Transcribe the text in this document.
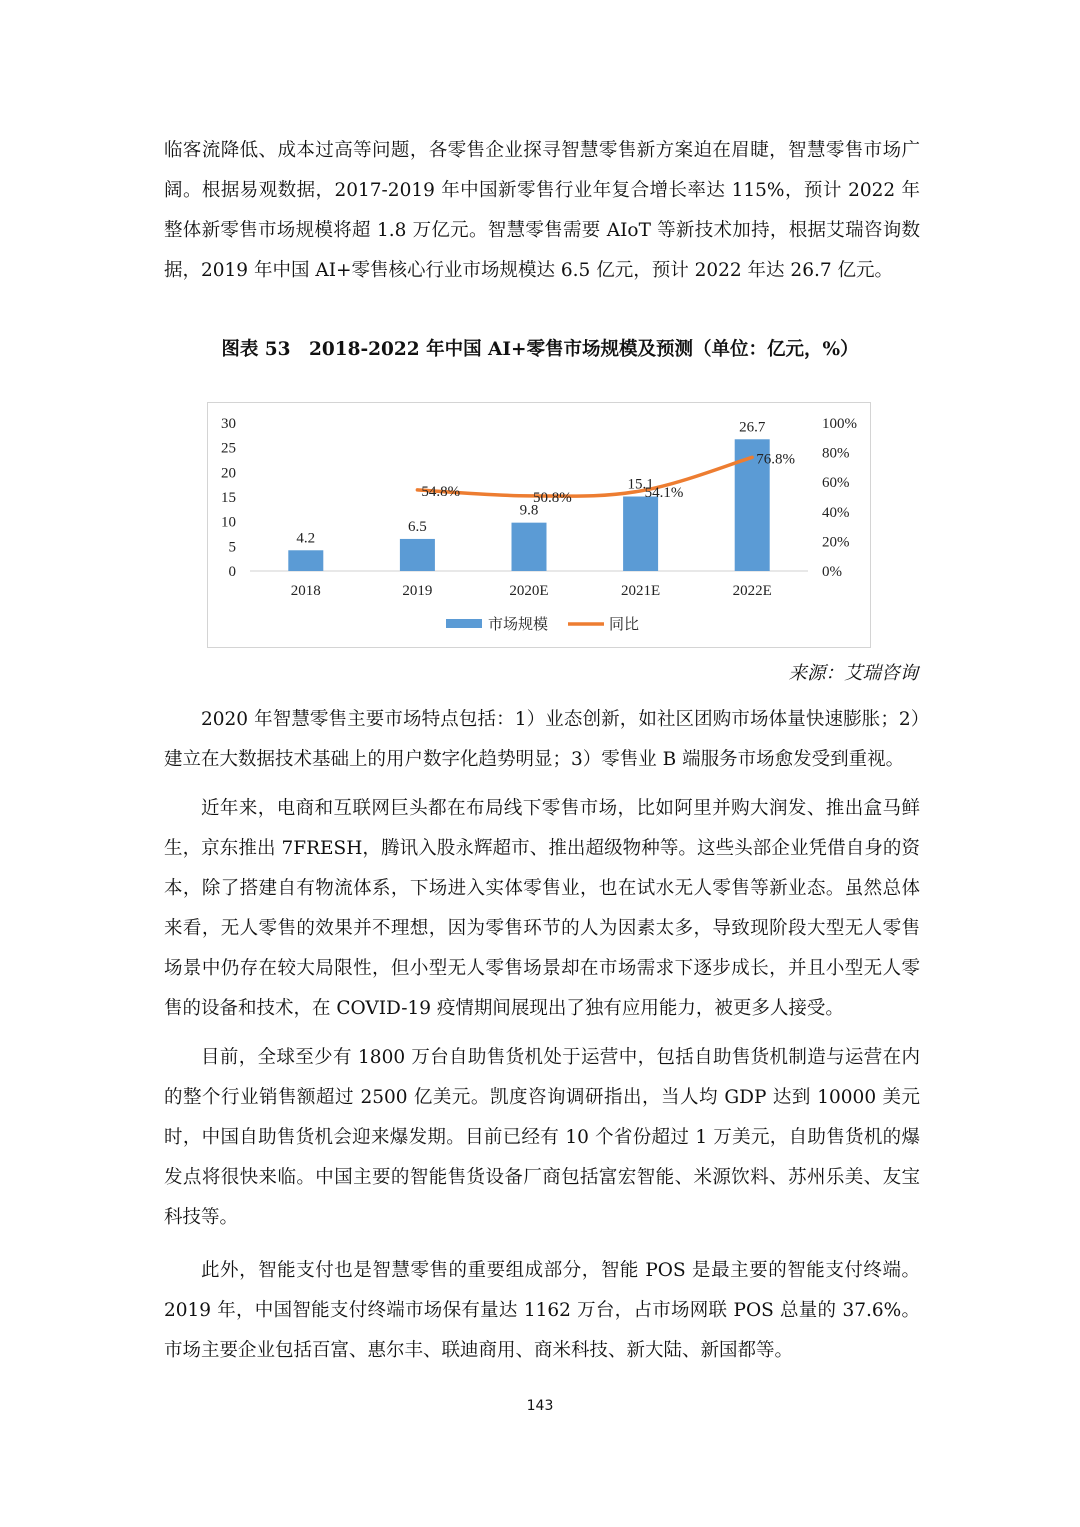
临客流降低、成本过高等问题，各零售企业探寻智慧零售新方案迫在眉睫，智慧零售市场广阔。根据易观数据，2017-2019 年中国新零售行业年复合增长率达 115%，预计 2022 年整体新零售市场规模将超 1.8 万亿元。智慧零售需要 AIoT 等新技术加持，根据艾瑞咨询数据，2019 年中国 AI+零售核心行业市场规模达 6.5 亿元，预计 2022 年达 26.7 亿元。

图表 53　2018-2022 年中国 AI+零售市场规模及预测（单位：亿元，%）

0
5
10
15
20
25
30
0%
20%
40%
60%
80%
100%
4.2
6.5
9.8
15.1
26.7
2018	2019	2020E	2021E	2022E
54.8%	50.8%	54.1%
76.8%
市场规模	同比

来源：艾瑞咨询

2020 年智慧零售主要市场特点包括：1）业态创新，如社区团购市场体量快速膨胀；2）建立在大数据技术基础上的用户数字化趋势明显；3）零售业 B 端服务市场愈发受到重视。

近年来，电商和互联网巨头都在布局线下零售市场，比如阿里并购大润发、推出盒马鲜生，京东推出 7FRESH，腾讯入股永辉超市、推出超级物种等。这些头部企业凭借自身的资本，除了搭建自有物流体系，下场进入实体零售业，也在试水无人零售等新业态。虽然总体来看，无人零售的效果并不理想，因为零售环节的人为因素太多，导致现阶段大型无人零售场景中仍存在较大局限性，但小型无人零售场景却在市场需求下逐步成长，并且小型无人零售的设备和技术，在 COVID-19 疫情期间展现出了独有应用能力，被更多人接受。

目前，全球至少有 1800 万台自助售货机处于运营中，包括自助售货机制造与运营在内的整个行业销售额超过 2500 亿美元。凯度咨询调研指出，当人均 GDP 达到 10000 美元时，中国自助售货机会迎来爆发期。目前已经有 10 个省份超过 1 万美元，自助售货机的爆发点将很快来临。中国主要的智能售货设备厂商包括富宏智能、米源饮料、苏州乐美、友宝科技等。

此外，智能支付也是智慧零售的重要组成部分，智能 POS 是最主要的智能支付终端。2019 年，中国智能支付终端市场保有量达 1162 万台，占市场网联 POS 总量的 37.6%。市场主要企业包括百富、惠尔丰、联迪商用、商米科技、新大陆、新国都等。

143
